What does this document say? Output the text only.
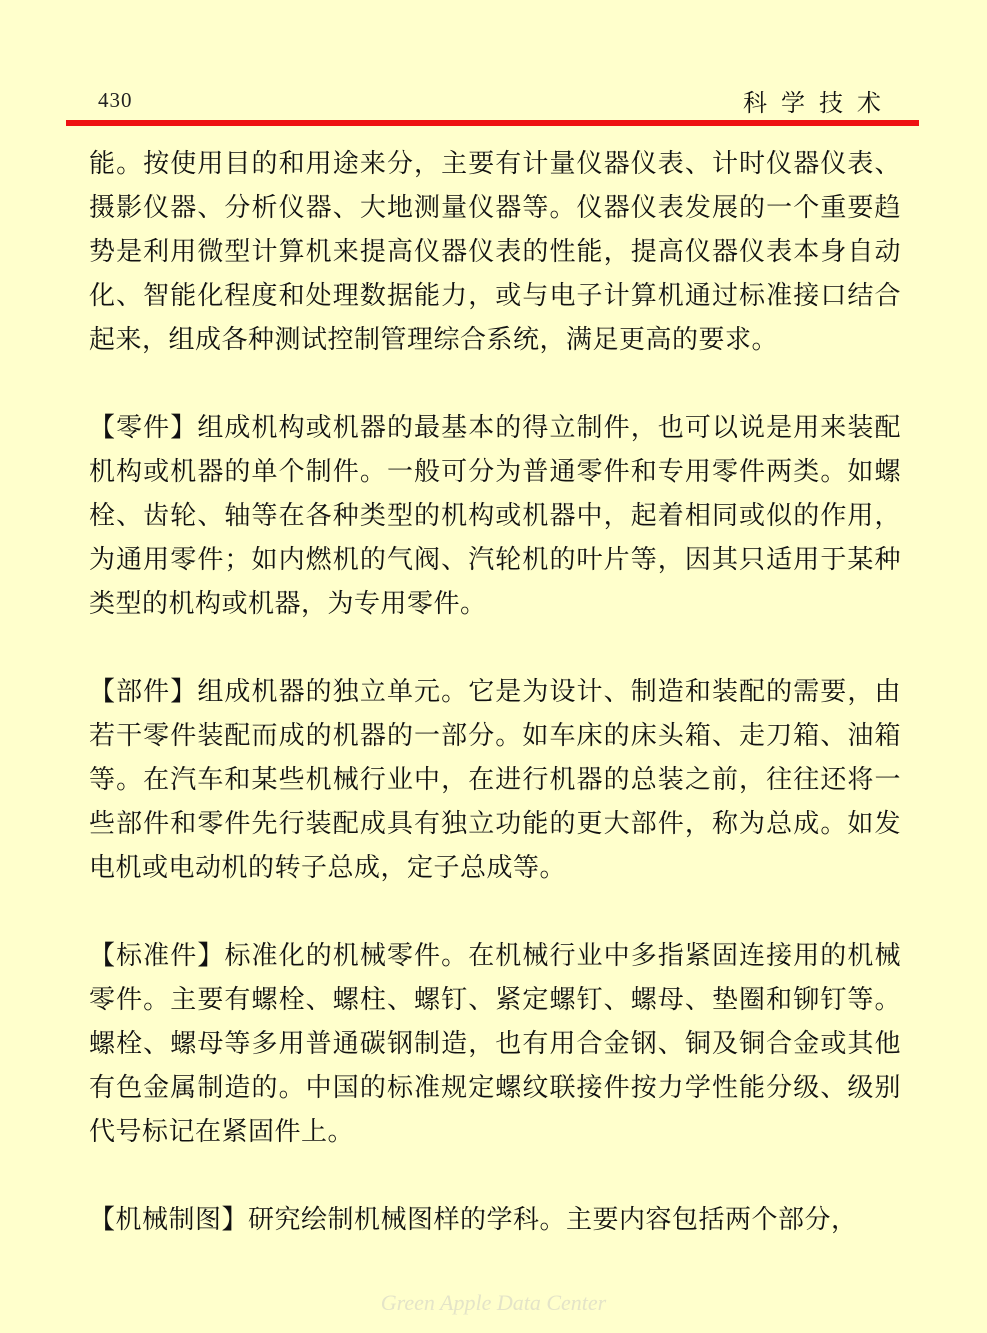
430	科学技术

能。按使用目的和用途来分，主要有计量仪器仪表、计时仪器仪表、摄影仪器、分析仪器、大地测量仪器等。仪器仪表发展的一个重要趋势是利用微型计算机来提高仪器仪表的性能，提高仪器仪表本身自动化、智能化程度和处理数据能力，或与电子计算机通过标准接口结合起来，组成各种测试控制管理综合系统，满足更高的要求。

【零件】组成机构或机器的最基本的得立制件，也可以说是用来装配机构或机器的单个制件。一般可分为普通零件和专用零件两类。如螺栓、齿轮、轴等在各种类型的机构或机器中，起着相同或似的作用，为通用零件；如内燃机的气阀、汽轮机的叶片等，因其只适用于某种类型的机构或机器，为专用零件。

【部件】组成机器的独立单元。它是为设计、制造和装配的需要，由若干零件装配而成的机器的一部分。如车床的床头箱、走刀箱、油箱等。在汽车和某些机械行业中，在进行机器的总装之前，往往还将一些部件和零件先行装配成具有独立功能的更大部件，称为总成。如发电机或电动机的转子总成，定子总成等。

【标准件】标准化的机械零件。在机械行业中多指紧固连接用的机械零件。主要有螺栓、螺柱、螺钉、紧定螺钉、螺母、垫圈和铆钉等。螺栓、螺母等多用普通碳钢制造，也有用合金钢、铜及铜合金或其他有色金属制造的。中国的标准规定螺纹联接件按力学性能分级、级别代号标记在紧固件上。

【机械制图】研究绘制机械图样的学科。主要内容包括两个部分，

Green Apple Data Center
